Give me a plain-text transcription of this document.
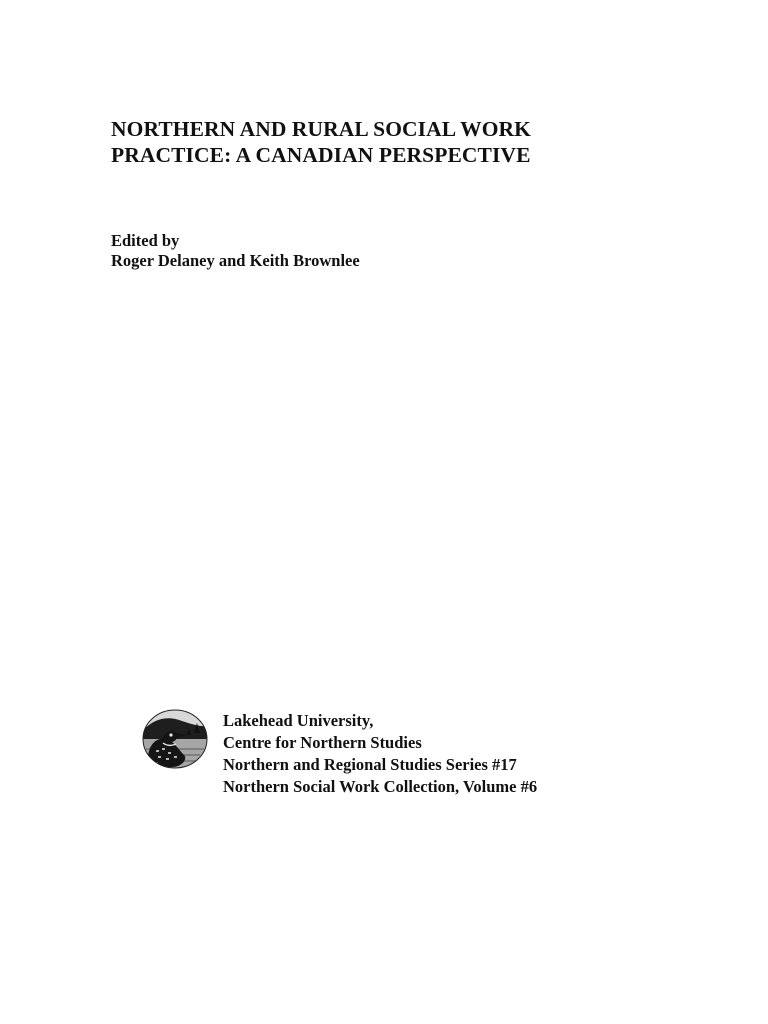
NORTHERN AND RURAL SOCIAL WORK
PRACTICE: A CANADIAN PERSPECTIVE
Edited by
Roger Delaney and Keith Brownlee
Lakehead University,
Centre for Northern Studies
Northern and Regional Studies Series #17
Northern Social Work Collection, Volume #6
